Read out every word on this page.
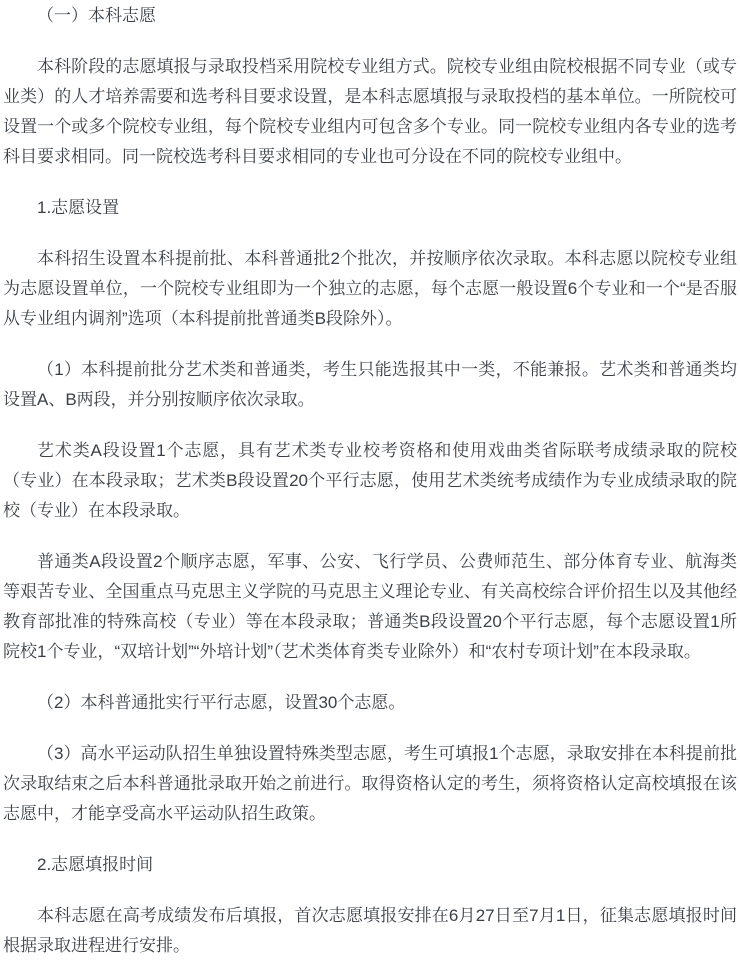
（一）本科志愿

本科阶段的志愿填报与录取投档采用院校专业组方式。院校专业组由院校根据不同专业（或专业类）的人才培养需要和选考科目要求设置，是本科志愿填报与录取投档的基本单位。一所院校可设置一个或多个院校专业组，每个院校专业组内可包含多个专业。同一院校专业组内各专业的选考科目要求相同。同一院校选考科目要求相同的专业也可分设在不同的院校专业组中。

1.志愿设置

本科招生设置本科提前批、本科普通批2个批次，并按顺序依次录取。本科志愿以院校专业组为志愿设置单位，一个院校专业组即为一个独立的志愿，每个志愿一般设置6个专业和一个“是否服从专业组内调剂”选项（本科提前批普通类B段除外）。

（1）本科提前批分艺术类和普通类，考生只能选报其中一类，不能兼报。艺术类和普通类均设置A、B两段，并分别按顺序依次录取。

艺术类A段设置1个志愿，具有艺术类专业校考资格和使用戏曲类省际联考成绩录取的院校（专业）在本段录取；艺术类B段设置20个平行志愿，使用艺术类统考成绩作为专业成绩录取的院校（专业）在本段录取。

普通类A段设置2个顺序志愿，军事、公安、飞行学员、公费师范生、部分体育专业、航海类等艰苦专业、全国重点马克思主义学院的马克思主义理论专业、有关高校综合评价招生以及其他经教育部批准的特殊高校（专业）等在本段录取；普通类B段设置20个平行志愿，每个志愿设置1所院校1个专业，“双培计划”“外培计划”（艺术类体育类专业除外）和“农村专项计划”在本段录取。

（2）本科普通批实行平行志愿，设置30个志愿。

（3）高水平运动队招生单独设置特殊类型志愿，考生可填报1个志愿，录取安排在本科提前批次录取结束之后本科普通批录取开始之前进行。取得资格认定的考生，须将资格认定高校填报在该志愿中，才能享受高水平运动队招生政策。

2.志愿填报时间

本科志愿在高考成绩发布后填报，首次志愿填报安排在6月27日至7月1日，征集志愿填报时间根据录取进程进行安排。
